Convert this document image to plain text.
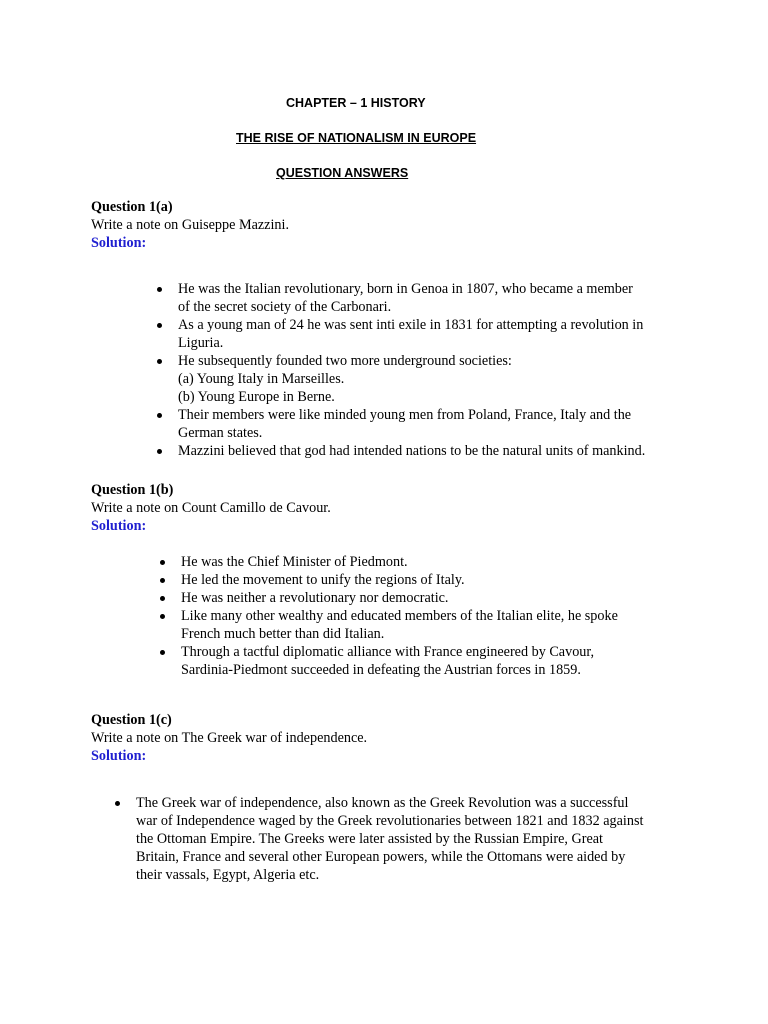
CHAPTER – 1 HISTORY
THE RISE OF NATIONALISM IN EUROPE
QUESTION ANSWERS
Question 1(a)
Write a note on Guiseppe Mazzini.
Solution:
He was the Italian revolutionary, born in Genoa in 1807, who became a member
of the secret society of the Carbonari.
As a young man of 24 he was sent inti exile in 1831 for attempting a revolution in
Liguria.
He subsequently founded two more underground societies:
(a) Young Italy in Marseilles.
(b) Young Europe in Berne.
Their members were like minded young men from Poland, France, Italy and the
German states.
Mazzini believed that god had intended nations to be the natural units of mankind.
Question 1(b)
Write a note on Count Camillo de Cavour.
Solution:
He was the Chief Minister of Piedmont.
He led the movement to unify the regions of Italy.
He was neither a revolutionary nor democratic.
Like many other wealthy and educated members of the Italian elite, he spoke
French much better than did Italian.
Through a tactful diplomatic alliance with France engineered by Cavour,
Sardinia-Piedmont succeeded in defeating the Austrian forces in 1859.
Question 1(c)
Write a note on The Greek war of independence.
Solution:
The Greek war of independence, also known as the Greek Revolution was a successful
war of Independence waged by the Greek revolutionaries between 1821 and 1832 against
the Ottoman Empire. The Greeks were later assisted by the Russian Empire, Great
Britain, France and several other European powers, while the Ottomans were aided by
their vassals, Egypt, Algeria etc.
